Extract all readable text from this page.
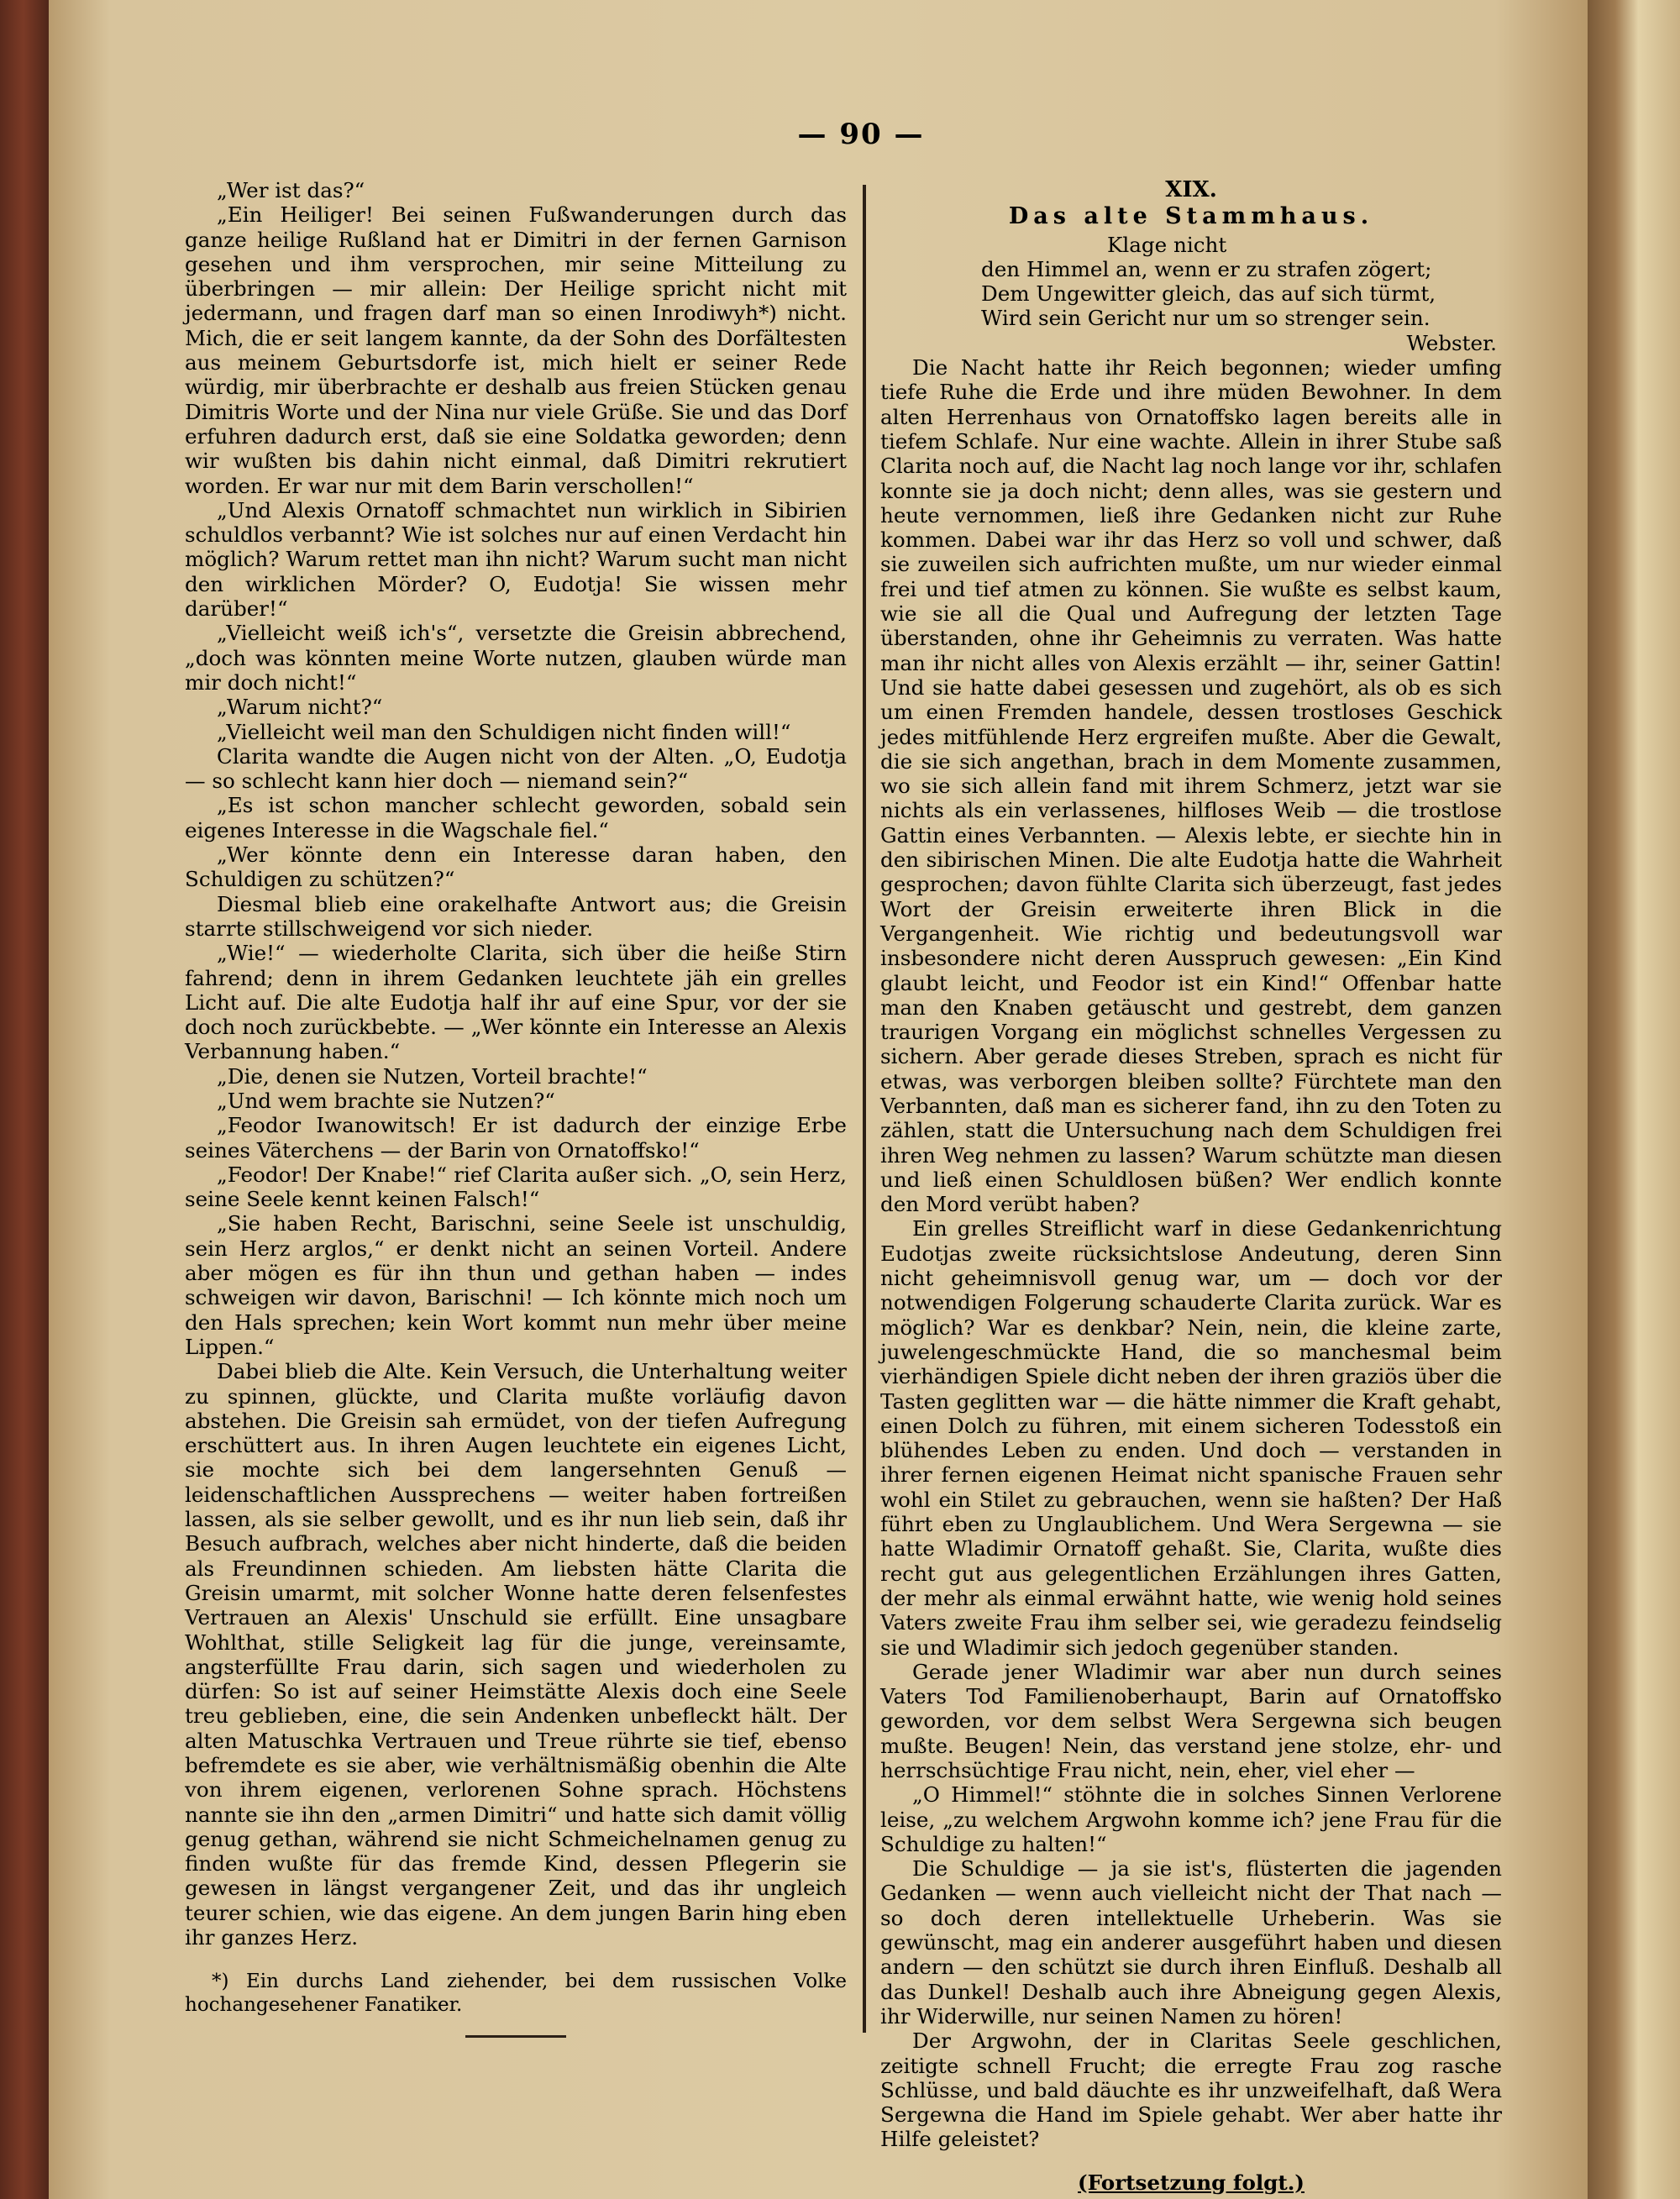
— 90 —

„Wer ist das?“

„Ein Heiliger! Bei seinen Fußwanderungen durch das ganze heilige Rußland hat er Dimitri in der fernen Garnison gesehen und ihm versprochen, mir seine Mitteilung zu überbringen — mir allein: Der Heilige spricht nicht mit jedermann, und fragen darf man so einen Inrodiwyh*) nicht. Mich, die er seit langem kannte, da der Sohn des Dorfältesten aus meinem Geburtsdorfe ist, mich hielt er seiner Rede würdig, mir überbrachte er deshalb aus freien Stücken genau Dimitris Worte und der Nina nur viele Grüße. Sie und das Dorf erfuhren dadurch erst, daß sie eine Soldatka geworden; denn wir wußten bis dahin nicht einmal, daß Dimitri rekrutiert worden. Er war nur mit dem Barin verschollen!“

„Und Alexis Ornatoff schmachtet nun wirklich in Sibirien schuldlos verbannt? Wie ist solches nur auf einen Verdacht hin möglich? Warum rettet man ihn nicht? Warum sucht man nicht den wirklichen Mörder? O, Eudotja! Sie wissen mehr darüber!“

„Vielleicht weiß ich's“, versetzte die Greisin abbrechend, „doch was könnten meine Worte nutzen, glauben würde man mir doch nicht!“

„Warum nicht?“

„Vielleicht weil man den Schuldigen nicht finden will!“

Clarita wandte die Augen nicht von der Alten. „O, Eudotja — so schlecht kann hier doch — niemand sein?“

„Es ist schon mancher schlecht geworden, sobald sein eigenes Interesse in die Wagschale fiel.“

„Wer könnte denn ein Interesse daran haben, den Schuldigen zu schützen?“

Diesmal blieb eine orakelhafte Antwort aus; die Greisin starrte stillschweigend vor sich nieder.

„Wie!“ — wiederholte Clarita, sich über die heiße Stirn fahrend; denn in ihrem Gedanken leuchtete jäh ein grelles Licht auf. Die alte Eudotja half ihr auf eine Spur, vor der sie doch noch zurückbebte. — „Wer könnte ein Interesse an Alexis Verbannung haben.“

„Die, denen sie Nutzen, Vorteil brachte!“

„Und wem brachte sie Nutzen?“

„Feodor Iwanowitsch! Er ist dadurch der einzige Erbe seines Väterchens — der Barin von Ornatoffsko!“

„Feodor! Der Knabe!“ rief Clarita außer sich. „O, sein Herz, seine Seele kennt keinen Falsch!“

„Sie haben Recht, Barischni, seine Seele ist unschuldig, sein Herz arglos,“ er denkt nicht an seinen Vorteil. Andere aber mögen es für ihn thun und gethan haben — indes schweigen wir davon, Barischni! — Ich könnte mich noch um den Hals sprechen; kein Wort kommt nun mehr über meine Lippen.“

Dabei blieb die Alte. Kein Versuch, die Unterhaltung weiter zu spinnen, glückte, und Clarita mußte vorläufig davon abstehen. Die Greisin sah ermüdet, von der tiefen Aufregung erschüttert aus. In ihren Augen leuchtete ein eigenes Licht, sie mochte sich bei dem langersehnten Genuß — leidenschaftlichen Aussprechens — weiter haben fortreißen lassen, als sie selber gewollt, und es ihr nun lieb sein, daß ihr Besuch aufbrach, welches aber nicht hinderte, daß die beiden als Freundinnen schieden. Am liebsten hätte Clarita die Greisin umarmt, mit solcher Wonne hatte deren felsenfestes Vertrauen an Alexis' Unschuld sie erfüllt. Eine unsagbare Wohlthat, stille Seligkeit lag für die junge, vereinsamte, angsterfüllte Frau darin, sich sagen und wiederholen zu dürfen: So ist auf seiner Heimstätte Alexis doch eine Seele treu geblieben, eine, die sein Andenken unbefleckt hält. Der alten Matuschka Vertrauen und Treue rührte sie tief, ebenso befremdete es sie aber, wie verhältnismäßig obenhin die Alte von ihrem eigenen, verlorenen Sohne sprach. Höchstens nannte sie ihn den „armen Dimitri“ und hatte sich damit völlig genug gethan, während sie nicht Schmeichelnamen genug zu finden wußte für das fremde Kind, dessen Pflegerin sie gewesen in längst vergangener Zeit, und das ihr ungleich teurer schien, wie das eigene. An dem jungen Barin hing eben ihr ganzes Herz.

*) Ein durchs Land ziehender, bei dem russischen Volke hochangesehener Fanatiker.

XIX.
Das alte Stammhaus.
Klage nicht
den Himmel an, wenn er zu strafen zögert;
Dem Ungewitter gleich, das auf sich türmt,
Wird sein Gericht nur um so strenger sein.
Webster.

Die Nacht hatte ihr Reich begonnen; wieder umfing tiefe Ruhe die Erde und ihre müden Bewohner. In dem alten Herrenhaus von Ornatoffsko lagen bereits alle in tiefem Schlafe. Nur eine wachte. Allein in ihrer Stube saß Clarita noch auf, die Nacht lag noch lange vor ihr, schlafen konnte sie ja doch nicht; denn alles, was sie gestern und heute vernommen, ließ ihre Gedanken nicht zur Ruhe kommen. Dabei war ihr das Herz so voll und schwer, daß sie zuweilen sich aufrichten mußte, um nur wieder einmal frei und tief atmen zu können. Sie wußte es selbst kaum, wie sie all die Qual und Aufregung der letzten Tage überstanden, ohne ihr Geheimnis zu verraten. Was hatte man ihr nicht alles von Alexis erzählt — ihr, seiner Gattin! Und sie hatte dabei gesessen und zugehört, als ob es sich um einen Fremden handele, dessen trostloses Geschick jedes mitfühlende Herz ergreifen mußte. Aber die Gewalt, die sie sich angethan, brach in dem Momente zusammen, wo sie sich allein fand mit ihrem Schmerz, jetzt war sie nichts als ein verlassenes, hilfloses Weib — die trostlose Gattin eines Verbannten. — Alexis lebte, er siechte hin in den sibirischen Minen. Die alte Eudotja hatte die Wahrheit gesprochen; davon fühlte Clarita sich überzeugt, fast jedes Wort der Greisin erweiterte ihren Blick in die Vergangenheit. Wie richtig und bedeutungsvoll war insbesondere nicht deren Ausspruch gewesen: „Ein Kind glaubt leicht, und Feodor ist ein Kind!“ Offenbar hatte man den Knaben getäuscht und gestrebt, dem ganzen traurigen Vorgang ein möglichst schnelles Vergessen zu sichern. Aber gerade dieses Streben, sprach es nicht für etwas, was verborgen bleiben sollte? Fürchtete man den Verbannten, daß man es sicherer fand, ihn zu den Toten zu zählen, statt die Untersuchung nach dem Schuldigen frei ihren Weg nehmen zu lassen? Warum schützte man diesen und ließ einen Schuldlosen büßen? Wer endlich konnte den Mord verübt haben?

Ein grelles Streiflicht warf in diese Gedankenrichtung Eudotjas zweite rücksichtslose Andeutung, deren Sinn nicht geheimnisvoll genug war, um — doch vor der notwendigen Folgerung schauderte Clarita zurück. War es möglich? War es denkbar? Nein, nein, die kleine zarte, juwelengeschmückte Hand, die so manchesmal beim vierhändigen Spiele dicht neben der ihren graziös über die Tasten geglitten war — die hätte nimmer die Kraft gehabt, einen Dolch zu führen, mit einem sicheren Todesstoß ein blühendes Leben zu enden. Und doch — verstanden in ihrer fernen eigenen Heimat nicht spanische Frauen sehr wohl ein Stilet zu gebrauchen, wenn sie haßten? Der Haß führt eben zu Unglaublichem. Und Wera Sergewna — sie hatte Wladimir Ornatoff gehaßt. Sie, Clarita, wußte dies recht gut aus gelegentlichen Erzählungen ihres Gatten, der mehr als einmal erwähnt hatte, wie wenig hold seines Vaters zweite Frau ihm selber sei, wie geradezu feindselig sie und Wladimir sich jedoch gegenüber standen.

Gerade jener Wladimir war aber nun durch seines Vaters Tod Familienoberhaupt, Barin auf Ornatoffsko geworden, vor dem selbst Wera Sergewna sich beugen mußte. Beugen! Nein, das verstand jene stolze, ehr- und herrschsüchtige Frau nicht, nein, eher, viel eher —

„O Himmel!“ stöhnte die in solches Sinnen Verlorene leise, „zu welchem Argwohn komme ich? jene Frau für die Schuldige zu halten!“

Die Schuldige — ja sie ist's, flüsterten die jagenden Gedanken — wenn auch vielleicht nicht der That nach — so doch deren intellektuelle Urheberin. Was sie gewünscht, mag ein anderer ausgeführt haben und diesen andern — den schützt sie durch ihren Einfluß. Deshalb all das Dunkel! Deshalb auch ihre Abneigung gegen Alexis, ihr Widerwille, nur seinen Namen zu hören!

Der Argwohn, der in Claritas Seele geschlichen, zeitigte schnell Frucht; die erregte Frau zog rasche Schlüsse, und bald däuchte es ihr unzweifelhaft, daß Wera Sergewna die Hand im Spiele gehabt. Wer aber hatte ihr Hilfe geleistet?

(Fortsetzung folgt.)
